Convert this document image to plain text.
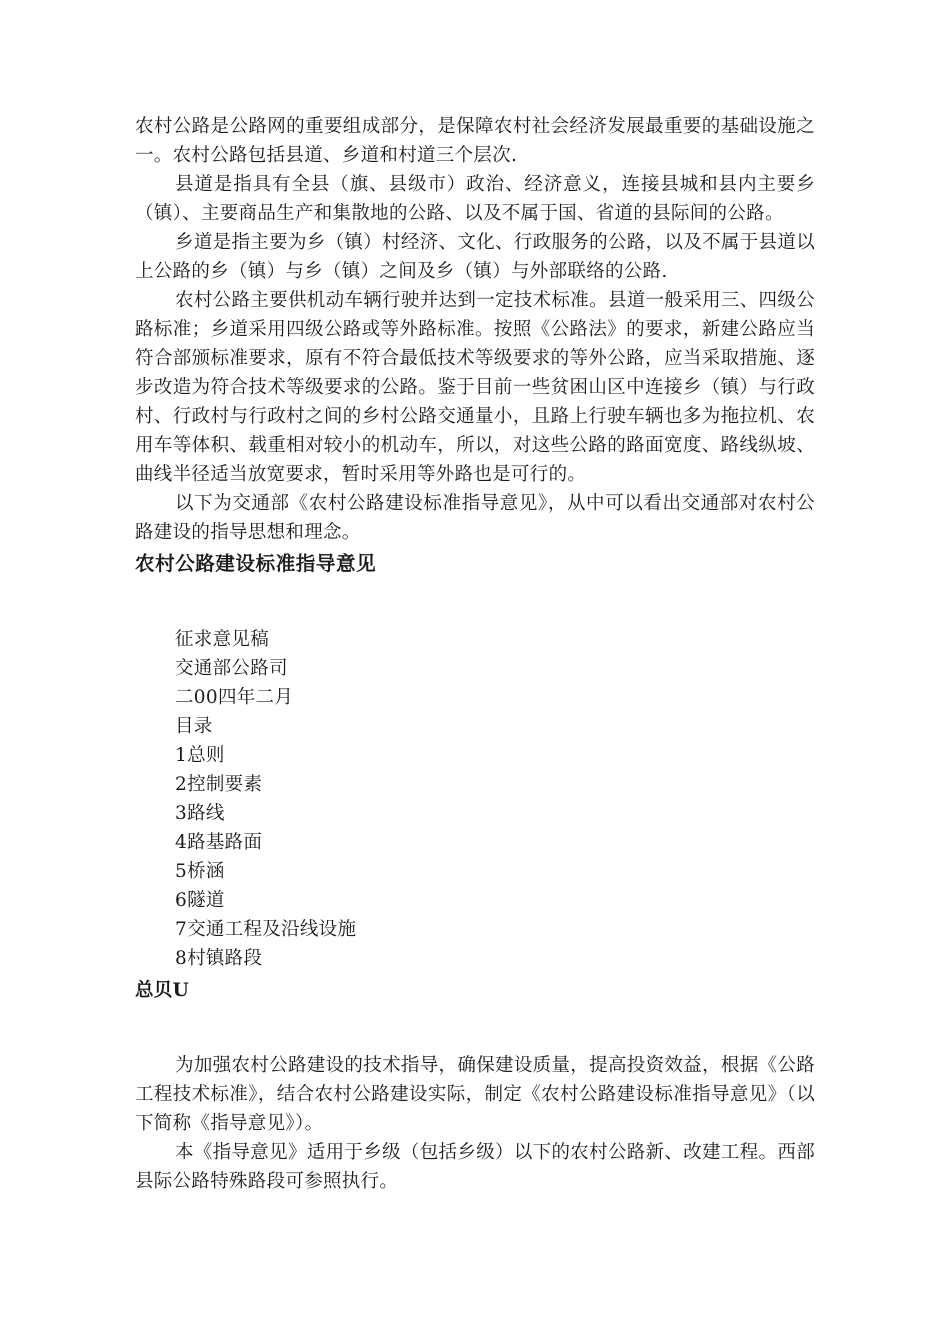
农村公路是公路网的重要组成部分，是保障农村社会经济发展最重要的基础设施之一。农村公路包括县道、乡道和村道三个层次.

县道是指具有全县（旗、县级市）政治、经济意义，连接县城和县内主要乡（镇）、主要商品生产和集散地的公路、以及不属于国、省道的县际间的公路。

乡道是指主要为乡（镇）村经济、文化、行政服务的公路，以及不属于县道以上公路的乡（镇）与乡（镇）之间及乡（镇）与外部联络的公路.

农村公路主要供机动车辆行驶并达到一定技术标准。县道一般采用三、四级公路标准；乡道采用四级公路或等外路标准。按照《公路法》的要求，新建公路应当符合部颁标准要求，原有不符合最低技术等级要求的等外公路，应当采取措施、逐步改造为符合技术等级要求的公路。鉴于目前一些贫困山区中连接乡（镇）与行政村、行政村与行政村之间的乡村公路交通量小，且路上行驶车辆也多为拖拉机、农用车等体积、载重相对较小的机动车，所以，对这些公路的路面宽度、路线纵坡、曲线半径适当放宽要求，暂时采用等外路也是可行的。

以下为交通部《农村公路建设标准指导意见》，从中可以看出交通部对农村公路建设的指导思想和理念。

农村公路建设标准指导意见

征求意见稿

交通部公路司

二00四年二月

目录

1总则
2控制要素
3路线
4路基路面
5桥涵
6隧道
7交通工程及沿线设施
8村镇路段
总贝U

为加强农村公路建设的技术指导，确保建设质量，提高投资效益，根据《公路工程技术标准》，结合农村公路建设实际，制定《农村公路建设标准指导意见》（以下简称《指导意见》）。

本《指导意见》适用于乡级（包括乡级）以下的农村公路新、改建工程。西部县际公路特殊路段可参照执行。
